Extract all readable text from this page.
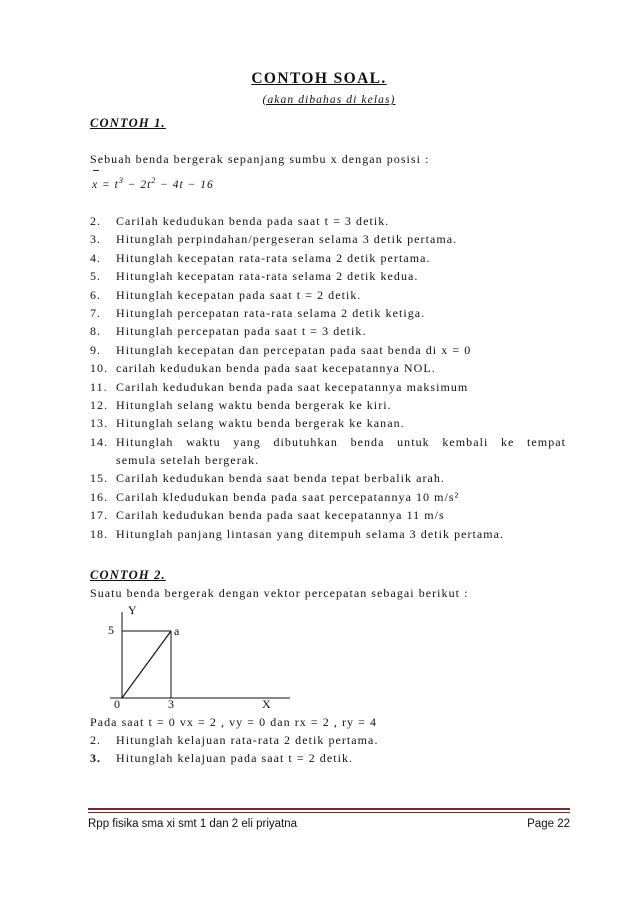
CONTOH SOAL.
(akan dibahas di kelas)
CONTOH 1.
Sebuah benda bergerak sepanjang sumbu x dengan posisi :
$x = t^3 - 2t^2 - 4t - 16$
2. Carilah kedudukan benda pada saat t = 3 detik.
3. Hitunglah perpindahan/pergeseran selama 3 detik pertama.
4. Hitunglah kecepatan rata-rata selama 2 detik pertama.
5. Hitunglah kecepatan rata-rata selama 2 detik kedua.
6. Hitunglah kecepatan pada saat t = 2 detik.
7. Hitunglah percepatan rata-rata selama 2 detik ketiga.
8. Hitunglah percepatan pada saat t = 3 detik.
9. Hitunglah kecepatan dan percepatan pada saat benda di x = 0
10. carilah kedudukan benda pada saat kecepatannya NOL.
11. Carilah kedudukan benda pada saat kecepatannya maksimum
12. Hitunglah selang waktu benda bergerak ke kiri.
13. Hitunglah selang waktu benda bergerak ke kanan.
14. Hitunglah waktu yang dibutuhkan benda untuk kembali ke tempat
semula setelah bergerak.
15. Carilah kedudukan benda saat benda tepat berbalik arah.
16. Carilah kledudukan benda pada saat percepatannya 10 m/s²
17. Carilah kedudukan benda pada saat kecepatannya 11 m/s
18. Hitunglah panjang lintasan yang ditempuh selama 3 detik pertama.
CONTOH 2.
Suatu benda bergerak dengan vektor percepatan sebagai berikut :
Y
5	a
0	3	X
Pada saat t = 0 vx = 2 , vy = 0 dan rx = 2 , ry = 4
2. Hitunglah kelajuan rata-rata 2 detik pertama.
3. Hitunglah kelajuan pada saat t = 2 detik.
Rpp fisika sma xi smt 1 dan 2 eli priyatna	Page 22
